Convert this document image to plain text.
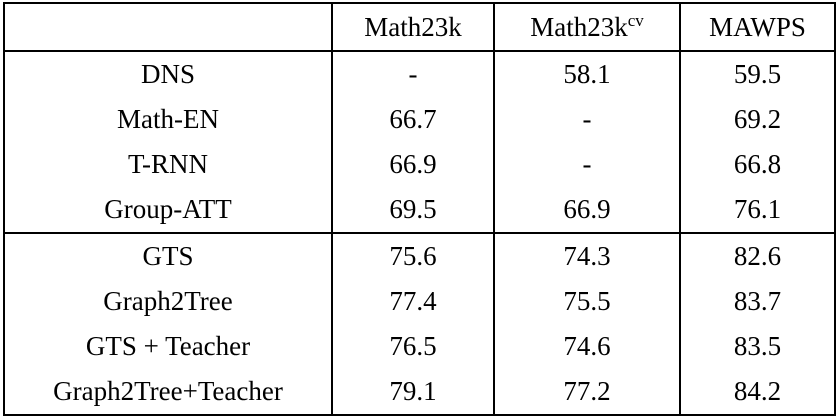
	Math23k	$Math23k^{cv}$	MAWPS
DNS	-	58.1	59.5
Math-EN	66.7	-	69.2
T-RNN	66.9	-	66.8
Group-ATT	69.5	66.9	76.1
GTS	75.6	74.3	82.6
Graph2Tree	77.4	75.5	83.7
GTS + Teacher	76.5	74.6	83.5
Graph2Tree+Teacher	79.1	77.2	84.2
